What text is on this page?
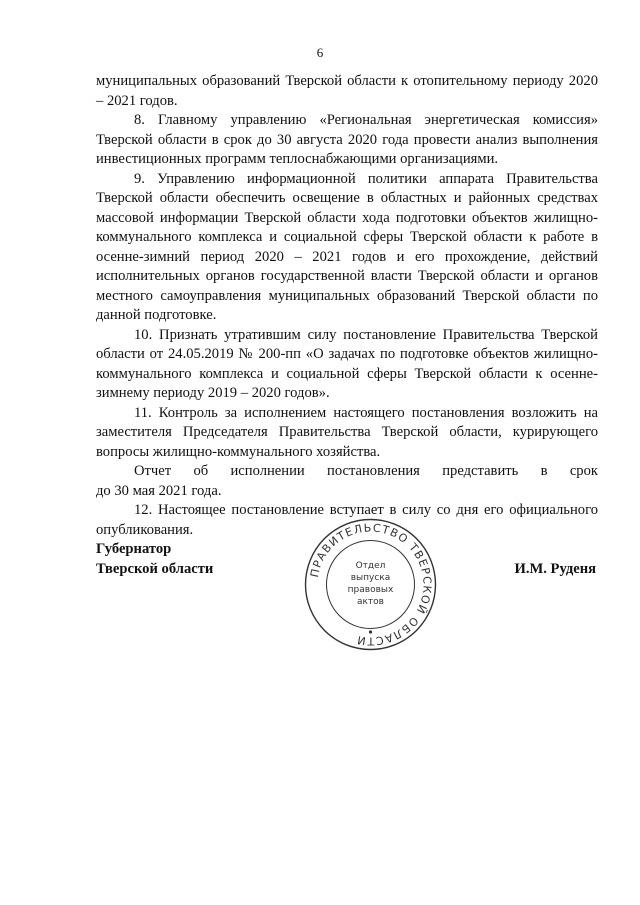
6

муниципальных образований Тверской области к отопительному периоду 2020 – 2021 годов.

8. Главному управлению «Региональная энергетическая комиссия» Тверской области в срок до 30 августа 2020 года провести анализ выполнения инвестиционных программ теплоснабжающими организациями.

9. Управлению информационной политики аппарата Правительства Тверской области обеспечить освещение в областных и районных средствах массовой информации Тверской области хода подготовки объектов жилищно-коммунального комплекса и социальной сферы Тверской области к работе в осенне-зимний период 2020 – 2021 годов и его прохождение, действий исполнительных органов государственной власти Тверской области и органов местного самоуправления муниципальных образований Тверской области по данной подготовке.

10. Признать утратившим силу постановление Правительства Тверской области от 24.05.2019 № 200-пп «О задачах по подготовке объектов жилищно-коммунального комплекса и социальной сферы Тверской области к осенне-зимнему периоду 2019 – 2020 годов».

11. Контроль за исполнением настоящего постановления возложить на заместителя Председателя Правительства Тверской области, курирующего вопросы жилищно-коммунального хозяйства.

Отчет об исполнении постановления представить в срок

до 30 мая 2021 года.

12. Настоящее постановление вступает в силу со дня его официального опубликования.

Губернатор
Тверской области	И.М. Руденя
ПРАВИТЕЛЬСТВО ТВЕРСКОЙ ОБЛАСТИ
Отдел
выпуска
правовых
актов
